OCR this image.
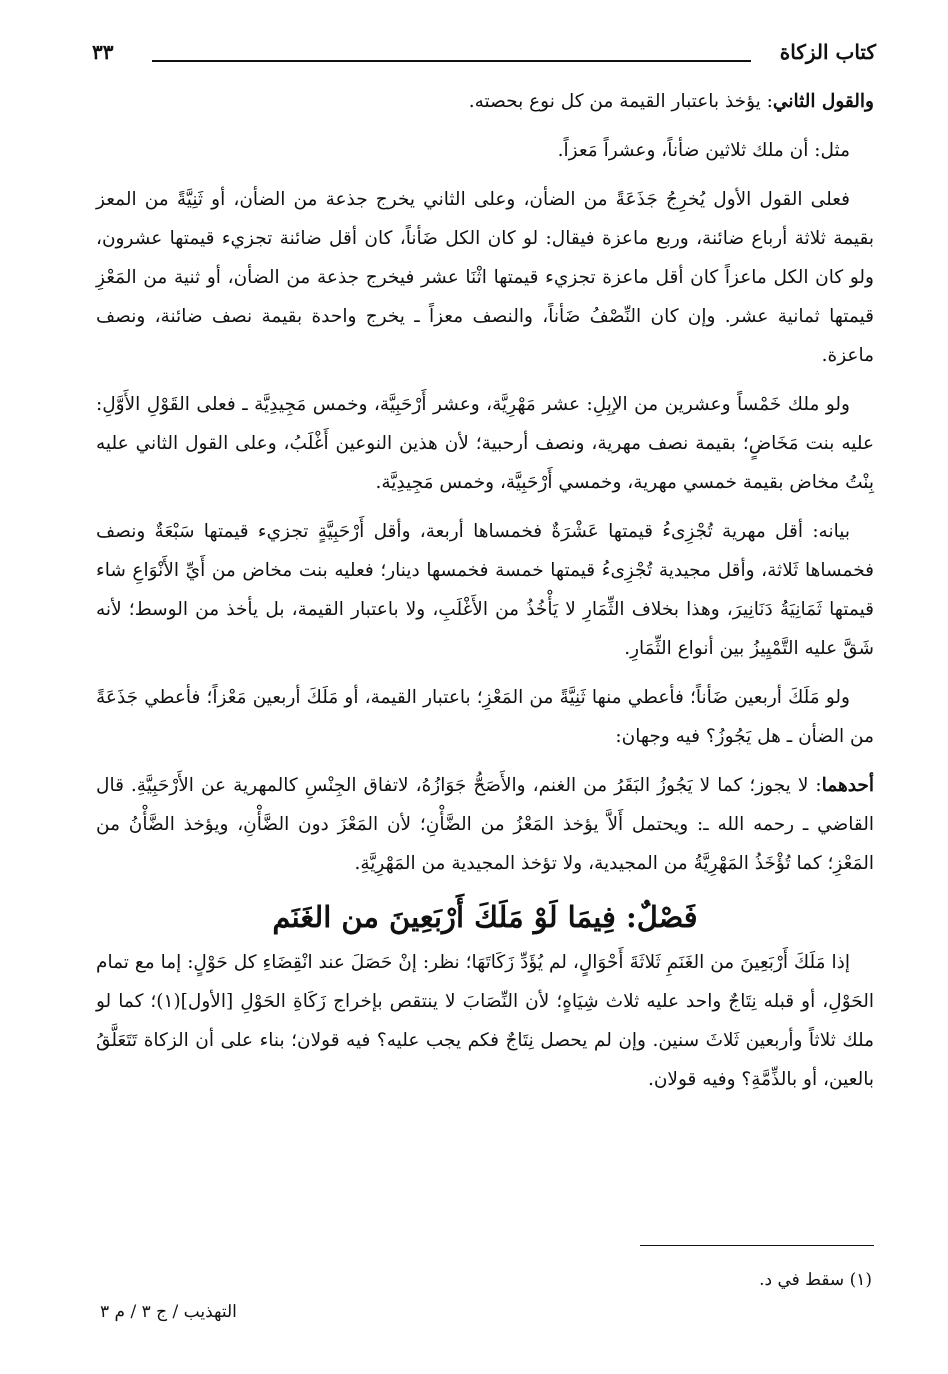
كتاب الزكاة
٣٣

والقول الثاني: يؤخذ باعتبار القيمة من كل نوع بحصته.

مثل: أن ملك ثلاثين ضأناً، وعشراً مَعزاً.

فعلى القول الأول يُخرِجُ جَذَعَةً من الضأن، وعلى الثاني يخرج جذعة من الضأن، أو ثَنِيَّةً من المعز بقيمة ثلاثة أرباع ضائنة، وربع ماعزة فيقال: لو كان الكل ضَأناً، كان أقل ضائنة تجزيء قيمتها عشرون، ولو كان الكل ماعزاً كان أقل ماعزة تجزيء قيمتها اثْنَا عشر فيخرج جذعة من الضأن، أو ثنية من المَعْزِ قيمتها ثمانية عشر. وإن كان النِّصْفُ ضَأناً، والنصف معزاً ـ يخرج واحدة بقيمة نصف ضائنة، ونصف ماعزة.

ولو ملك خَمْساً وعشرين من الإبِلِ: عشر مَهْرِيَّة، وعشر أَرْحَبِيَّة، وخمس مَجِيدِيَّة ـ فعلى القَوْلِ الأَوَّلِ: عليه بنت مَخَاضٍ؛ بقيمة نصف مهرية، ونصف أرحبية؛ لأن هذين النوعين أَغْلَبُ، وعلى القول الثاني عليه بِنْتُ مخاض بقيمة خمسي مهرية، وخمسي أَرْحَبِيَّة، وخمس مَجِيدِيَّة.

بيانه: أقل مهرية تُجْزِىءُ قيمتها عَشْرَةٌ فخمساها أربعة، وأقل أَرْحَبِيَّةٍ تجزيء قيمتها سَبْعَةٌ ونصف فخمساها ثَلاثة، وأقل مجيدية تُجْزِىءُ قيمتها خمسة فخمسها دينار؛ فعليه بنت مخاض من أَيِّ الأَنْوَاعِ شاء قيمتها ثَمَانِيَةُ دَنَانِيرَ، وهذا بخلاف الثِّمَارِ لا يَأْخُذُ من الأَغْلَبِ، ولا باعتبار القيمة، بل يأخذ من الوسط؛ لأنه شَقَّ عليه التَّمْيِيزُ بين أنواع الثِّمَارِ.

ولو مَلَكَ أربعين ضَأناً؛ فأعطي منها ثَنِيَّةً من المَعْزِ؛ باعتبار القيمة، أو مَلَكَ أربعين مَعْزاً؛ فأعطي جَذَعَةً من الضأن ـ هل يَجُوزُ؟ فيه وجهان:

أحدهما: لا يجوز؛ كما لا يَجُوزُ البَقَرُ من الغنم، والأَصَحُّ جَوَازُهُ، لاتفاق الجِنْسِ كالمهرية عن الأَرْحَبِيَّةِ. قال القاضي ـ رحمه الله ـ: ويحتمل أَلاَّ يؤخذ المَعْزُ من الضَّأْنِ؛ لأن المَعْزَ دون الضَّأْنِ، ويؤخذ الضَّأْنُ من المَعْزِ؛ كما تُؤْخَذُ المَهْرِيَّةُ من المجيدية، ولا تؤخذ المجيدية من المَهْرِيَّةِ.

فَصْلٌ: فِيمَا لَوْ مَلَكَ أَرْبَعِينَ من الغَنَم

إذا مَلَكَ أَرْبَعِينَ من الغَنَمِ ثَلاثَةَ أَحْوَالٍ، لم يُؤَدِّ زَكَاتَهَا؛ نظر: إنْ حَصَلَ عند انْقِضَاءِ كل حَوْلٍ: إما مع تمام الحَوْلِ، أو قبله نِتَاجٌ واحد عليه ثلاث شِيَاهٍ؛ لأن النِّصَابَ لا ينتقص بإخراج زَكَاةِ الحَوْلِ [الأول](١)؛ كما لو ملك ثلاثاً وأربعين ثَلاثَ سنين. وإن لم يحصل نِتَاجٌ فكم يجب عليه؟ فيه قولان؛ بناء على أن الزكاة تَتَعَلَّقُ بالعين، أو بالذِّمَّةِ؟ وفيه قولان.

(١) سقط في د.
التهذيب / ج ٣ / م ٣
